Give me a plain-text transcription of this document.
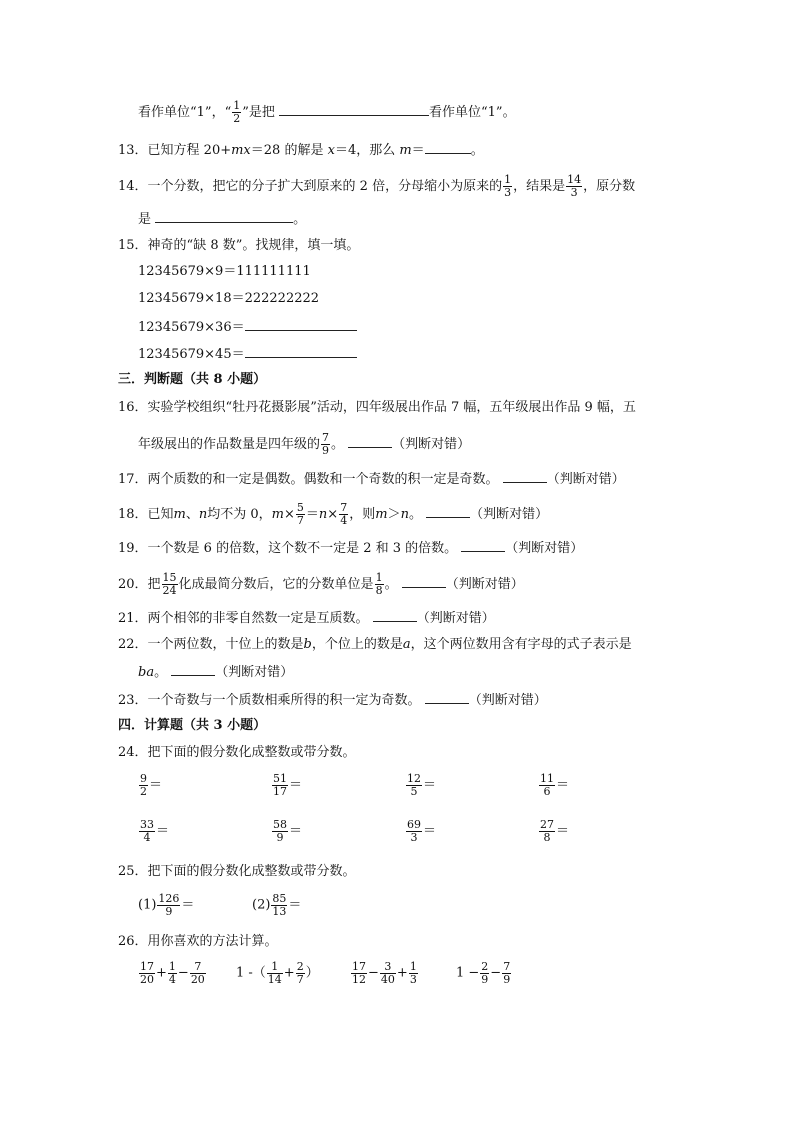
看作单位“1”，“ $\frac{1}{2}$ ”是把	看作单位“1”。
13．已知方程 20+mx＝28 的解是 x＝4，那么 m＝	。
14．一个分数，把它的分子扩大到原来的 2 倍，分母缩小为原来的 $\frac{1}{3}$ ，结果是 $\frac{14}{3}$ ，原分数
是	。
15．神奇的“缺 8 数”。找规律，填一填。
12345679×9＝111111111
12345679×18＝222222222
12345679×36＝
12345679×45＝
三．判断题（共 8 小题）
16．实验学校组织“牡丹花摄影展”活动，四年级展出作品 7 幅，五年级展出作品 9 幅，五
年级展出的作品数量是四年级的 $\frac{7}{9}$ 。	（判断对错）
17．两个质数的和一定是偶数。偶数和一个奇数的积一定是奇数。	（判断对错）
18．已知m、n均不为 0，$m\times \frac{5}{7} =n\times \frac{7}{4}$ ，则m＞n。	（判断对错）
19．一个数是 6 的倍数，这个数不一定是 2 和 3 的倍数。	（判断对错）
20．把 $\frac{15}{24}$ 化成最简分数后，它的分数单位是 $\frac{1}{8}$ 。	（判断对错）
21．两个相邻的非零自然数一定是互质数。	（判断对错）
22．一个两位数，十位上的数是b，个位上的数是a，这个两位数用含有字母的式子表示是
ba。	（判断对错）
23．一个奇数与一个质数相乘所得的积一定为奇数。	（判断对错）
四．计算题（共 3 小题）
24．把下面的假分数化成整数或带分数。
$\frac{9}{2}$ ＝	$\frac{51}{17}$ ＝	$\frac{12}{5}$ ＝	$\frac{11}{6}$ ＝
$\frac{33}{4}$ ＝	$\frac{58}{9}$ ＝	$\frac{69}{3}$ ＝	$\frac{27}{8}$ ＝
25．把下面的假分数化成整数或带分数。
$(1) \frac{126}{9}$ ＝	$(2) \frac{85}{13}$ ＝
26．用你喜欢的方法计算。
$\frac{17}{20} + \frac{1}{4} - \frac{7}{20} 1$ -（ $\frac{1}{14} + \frac{2}{7}$ ）	$\frac{17}{12} - \frac{3}{40} + \frac{1}{3}$	$1 - \frac{2}{9} - \frac{7}{9}$
